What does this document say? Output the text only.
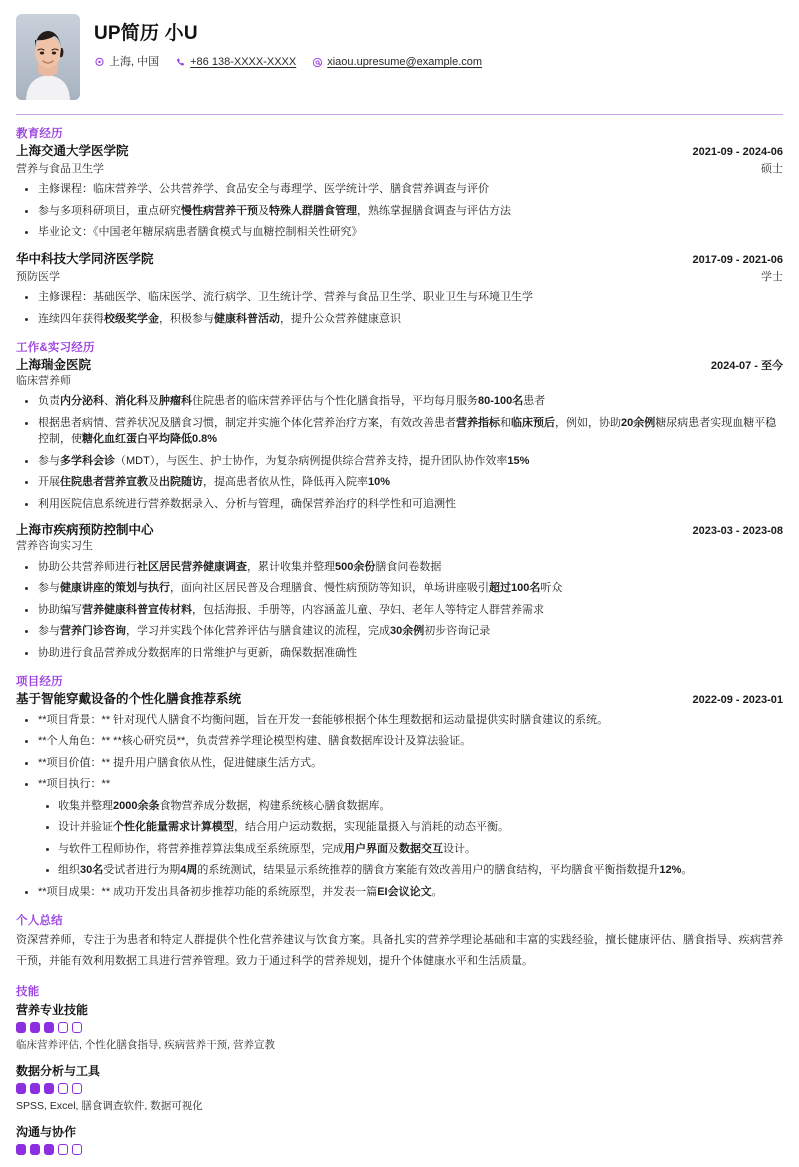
UP简历 小U
上海, 中国	+86 138-XXXX-XXXX	xiaou.upresume@example.com
教育经历
上海交通大学医学院	2021-09 - 2024-06
营养与食品卫生学	硕士
主修课程：临床营养学、公共营养学、食品安全与毒理学、医学统计学、膳食营养调查与评价
参与多项科研项目，重点研究慢性病营养干预及特殊人群膳食管理，熟练掌握膳食调查与评估方法
毕业论文：《中国老年糖尿病患者膳食模式与血糖控制相关性研究》
华中科技大学同济医学院	2017-09 - 2021-06
预防医学	学士
主修课程：基础医学、临床医学、流行病学、卫生统计学、营养与食品卫生学、职业卫生与环境卫生学
连续四年获得校级奖学金，积极参与健康科普活动，提升公众营养健康意识
工作&实习经历
上海瑞金医院	2024-07 - 至今
临床营养师
负责内分泌科、消化科及肿瘤科住院患者的临床营养评估与个性化膳食指导，平均每月服务80-100名患者
根据患者病情、营养状况及膳食习惯，制定并实施个体化营养治疗方案，有效改善患者营养指标和临床预后，例如，协助20余例糖尿病患者实现血糖平稳控制，使糖化血红蛋白平均降低0.8%
参与多学科会诊（MDT），与医生、护士协作，为复杂病例提供综合营养支持，提升团队协作效率15%
开展住院患者营养宣教及出院随访，提高患者依从性，降低再入院率10%
利用医院信息系统进行营养数据录入、分析与管理，确保营养治疗的科学性和可追溯性
上海市疾病预防控制中心	2023-03 - 2023-08
营养咨询实习生
协助公共营养师进行社区居民营养健康调查，累计收集并整理500余份膳食问卷数据
参与健康讲座的策划与执行，面向社区居民普及合理膳食、慢性病预防等知识，单场讲座吸引超过100名听众
协助编写营养健康科普宣传材料，包括海报、手册等，内容涵盖儿童、孕妇、老年人等特定人群营养需求
参与营养门诊咨询，学习并实践个体化营养评估与膳食建议的流程，完成30余例初步咨询记录
协助进行食品营养成分数据库的日常维护与更新，确保数据准确性
项目经历
基于智能穿戴设备的个性化膳食推荐系统	2022-09 - 2023-01
**项目背景：** 针对现代人膳食不均衡问题，旨在开发一套能够根据个体生理数据和运动量提供实时膳食建议的系统。
**个人角色：** **核心研究员**，负责营养学理论模型构建、膳食数据库设计及算法验证。
**项目价值：** 提升用户膳食依从性，促进健康生活方式。
**项目执行：**
收集并整理2000余条食物营养成分数据，构建系统核心膳食数据库。
设计并验证个性化能量需求计算模型，结合用户运动数据，实现能量摄入与消耗的动态平衡。
与软件工程师协作，将营养推荐算法集成至系统原型，完成用户界面及数据交互设计。
组织30名受试者进行为期4周的系统测试，结果显示系统推荐的膳食方案能有效改善用户的膳食结构，平均膳食平衡指数提升12%。
**项目成果：** 成功开发出具备初步推荐功能的系统原型，并发表一篇EI会议论文。
个人总结
资深营养师，专注于为患者和特定人群提供个性化营养建议与饮食方案。具备扎实的营养学理论基础和丰富的实践经验，擅长健康评估、膳食指导、疾病营养干预，并能有效利用数据工具进行营养管理。致力于通过科学的营养规划，提升个体健康水平和生活质量。
技能
营养专业技能
临床营养评估, 个性化膳食指导, 疾病营养干预, 营养宣教
数据分析与工具
SPSS, Excel, 膳食调查软件, 数据可视化
沟通与协作
